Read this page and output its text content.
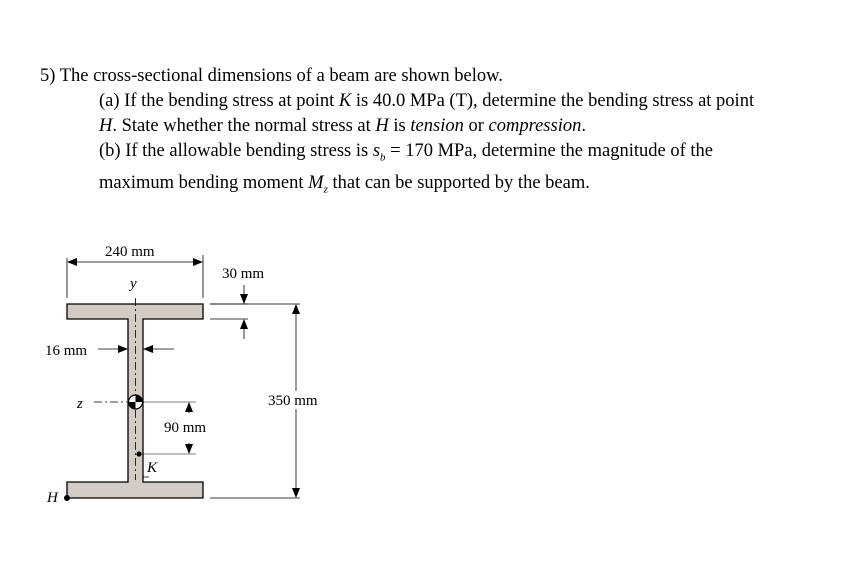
5) The cross-sectional dimensions of a beam are shown below.
(a) If the bending stress at point K is 40.0 MPa (T), determine the bending stress at point
H. State whether the normal stress at H is tension or compression.
(b) If the allowable bending stress is $s_b = 170$ MPa, determine the magnitude of the
maximum bending moment $M_z$ that can be supported by the beam.
y
z
K
H
240 mm
30 mm
350 mm
16 mm
90 mm
